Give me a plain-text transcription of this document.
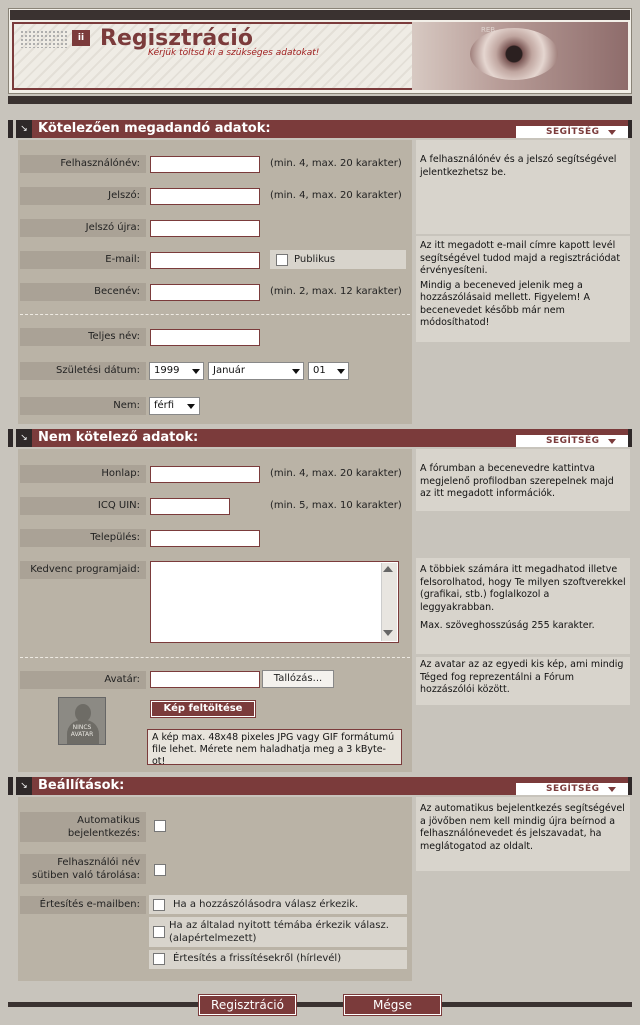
ii Regisztráció
Kérjük töltsd ki a szükséges adatokat!
REB
↘ Kötelezően megadandó adatok:	SEGÍTSÉG
Felhasználónév:	(min. 4, max. 20 karakter)
Jelszó:	(min. 4, max. 20 karakter)
Jelszó újra:
E-mail:	Publikus
Becenév:	(min. 2, max. 12 karakter)
Teljes név:
Születési dátum:	1999	Január	01
Nem:	férfi
A felhasználónév és a jelszó segítségével jelentkezhetsz be.
Az itt megadott e-mail címre kapott levél segítségével tudod majd a regisztrációdat érvényesíteni.
Mindig a beceneved jelenik meg a hozzászólásaid mellett. Figyelem! A becenevedet később már nem módosíthatod!
↘ Nem kötelező adatok:	SEGÍTSÉG
Honlap:	(min. 4, max. 20 karakter)
ICQ UIN:	(min. 5, max. 10 karakter)
Település:
Kedvenc programjaid:
Avatár:	Tallózás...
NINCS
AVATAR
Kép feltöltése
A kép max. 48x48 pixeles JPG vagy GIF formátumú file lehet. Mérete nem haladhatja meg a 3 kByte-ot!
A fórumban a becenevedre kattintva megjelenő profilodban szerepelnek majd az itt megadott információk.
A többiek számára itt megadhatod illetve felsorolhatod, hogy Te milyen szoftverekkel (grafikai, stb.) foglalkozol a leggyakrabban.
Max. szöveghosszúság 255 karakter.
Az avatar az az egyedi kis kép, ami mindig Téged fog reprezentálni a Fórum hozzászólói között.
↘ Beállítások:	SEGÍTSÉG
Automatikus
bejelentkezés:
Felhasználói név
sütiben való tárolása:
Értesítés e-mailben:	Ha a hozzászólásodra válasz érkezik.
Ha az általad nyitott témába érkezik válasz.
(alapértelmezett)
Értesítés a frissítésekről (hírlevél)
Az automatikus bejelentkezés segítségével a jövőben nem kell mindig újra beírnod a felhasználónevedet és jelszavadat, ha meglátogatod az oldalt.
Regisztráció	Mégse
